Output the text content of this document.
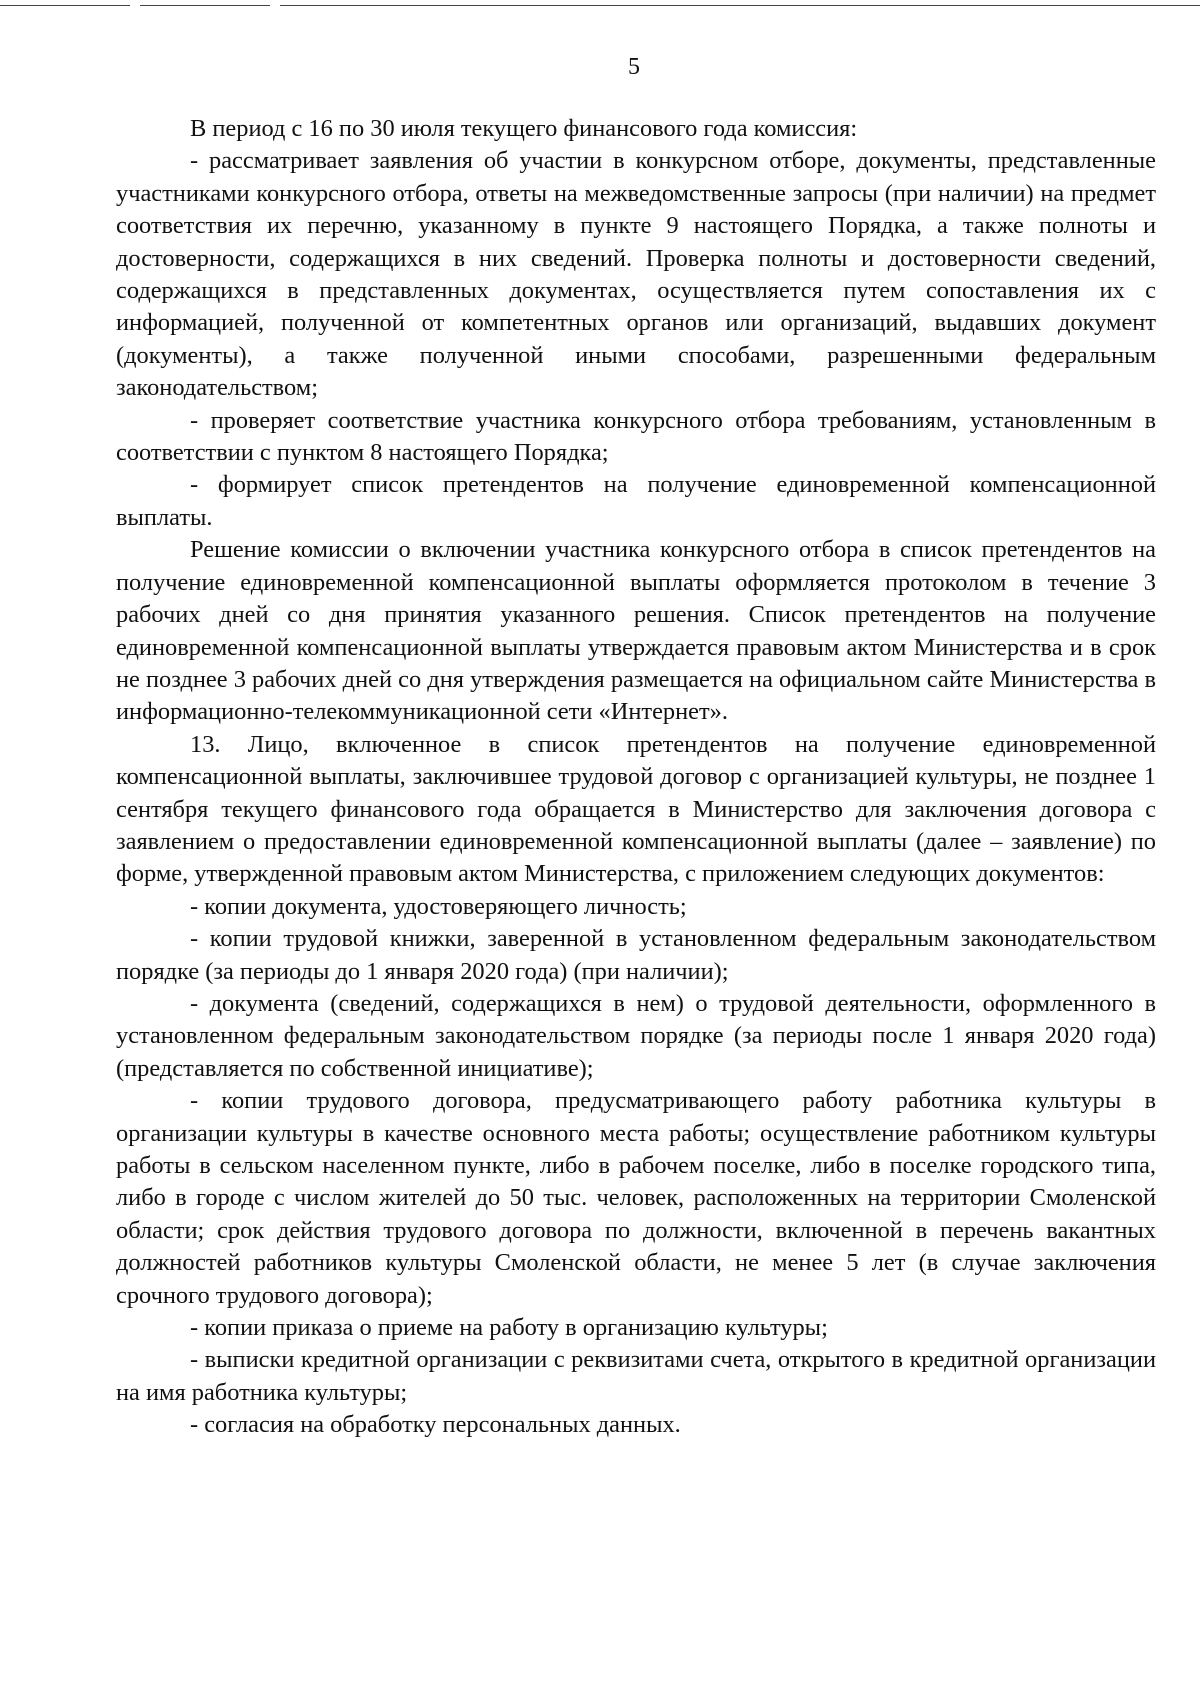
5

В период с 16 по 30 июля текущего финансового года комиссия:

- рассматривает заявления об участии в конкурсном отборе, документы, представленные участниками конкурсного отбора, ответы на межведомственные запросы (при наличии) на предмет соответствия их перечню, указанному в пункте 9 настоящего Порядка, а также полноты и достоверности, содержащихся в них сведений. Проверка полноты и достоверности сведений, содержащихся в представленных документах, осуществляется путем сопоставления их с информацией, полученной от компетентных органов или организаций, выдавших документ (документы), а также полученной иными способами, разрешенными федеральным законодательством;

- проверяет соответствие участника конкурсного отбора требованиям, установленным в соответствии с пунктом 8 настоящего Порядка;

- формирует список претендентов на получение единовременной компенсационной выплаты.

Решение комиссии о включении участника конкурсного отбора в список претендентов на получение единовременной компенсационной выплаты оформляется протоколом в течение 3 рабочих дней со дня принятия указанного решения. Список претендентов на получение единовременной компенсационной выплаты утверждается правовым актом Министерства и в срок не позднее 3 рабочих дней со дня утверждения размещается на официальном сайте Министерства в информационно-телекоммуникационной сети «Интернет».

13. Лицо, включенное в список претендентов на получение единовременной компенсационной выплаты, заключившее трудовой договор с организацией культуры, не позднее 1 сентября текущего финансового года обращается в Министерство для заключения договора с заявлением о предоставлении единовременной компенсационной выплаты (далее – заявление) по форме, утвержденной правовым актом Министерства, с приложением следующих документов:

- копии документа, удостоверяющего личность;

- копии трудовой книжки, заверенной в установленном федеральным законодательством порядке (за периоды до 1 января 2020 года) (при наличии);

- документа (сведений, содержащихся в нем) о трудовой деятельности, оформленного в установленном федеральным законодательством порядке (за периоды после 1 января 2020 года) (представляется по собственной инициативе);

- копии трудового договора, предусматривающего работу работника культуры в организации культуры в качестве основного места работы; осуществление работником культуры работы в сельском населенном пункте, либо в рабочем поселке, либо в поселке городского типа, либо в городе с числом жителей до 50 тыс. человек, расположенных на территории Смоленской области; срок действия трудового договора по должности, включенной в перечень вакантных должностей работников культуры Смоленской области, не менее 5 лет (в случае заключения срочного трудового договора);

- копии приказа о приеме на работу в организацию культуры;

- выписки кредитной организации с реквизитами счета, открытого в кредитной организации на имя работника культуры;

- согласия на обработку персональных данных.
